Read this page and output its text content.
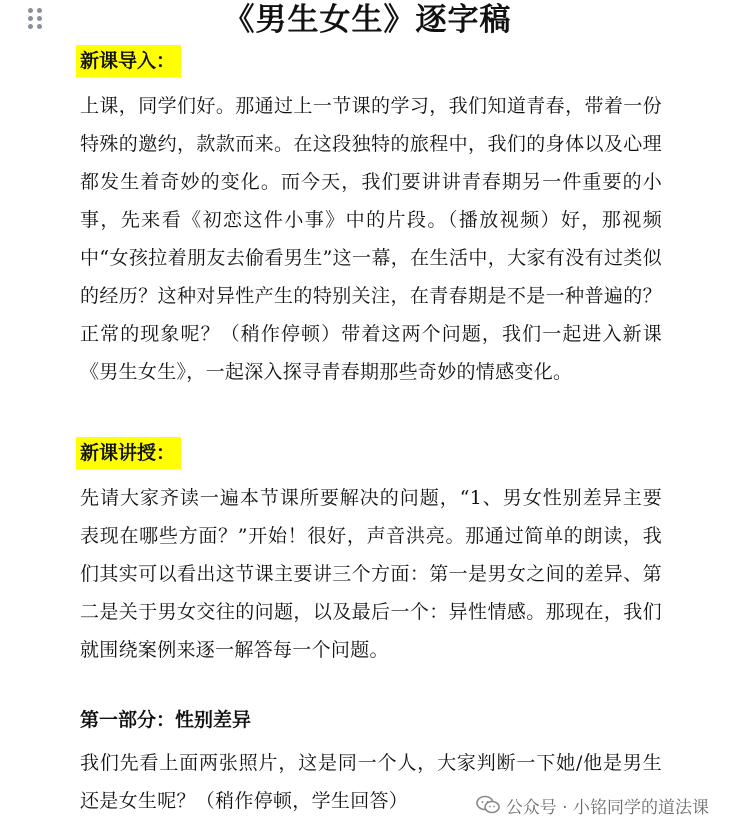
《男生女生》逐字稿
新课导入：

上课，同学们好。那通过上一节课的学习，我们知道青春，带着一份特殊的邀约，款款而来。在这段独特的旅程中，我们的身体以及心理都发生着奇妙的变化。而今天，我们要讲讲青春期另一件重要的小事，先来看《初恋这件小事》中的片段。（播放视频）好，那视频中“女孩拉着朋友去偷看男生”这一幕，在生活中，大家有没有过类似的经历？这种对异性产生的特别关注，在青春期是不是一种普遍的？正常的现象呢？（稍作停顿）带着这两个问题，我们一起进入新课《男生女生》，一起深入探寻青春期那些奇妙的情感变化。

新课讲授：

先请大家齐读一遍本节课所要解决的问题，“1、男女性别差异主要表现在哪些方面？”开始！很好，声音洪亮。那通过简单的朗读，我们其实可以看出这节课主要讲三个方面：第一是男女之间的差异、第二是关于男女交往的问题，以及最后一个：异性情感。那现在，我们就围绕案例来逐一解答每一个问题。

第一部分：性别差异

我们先看上面两张照片，这是同一个人，大家判断一下她/他是男生还是女生呢？（稍作停顿，学生回答）	公众号 · 小铭同学的道法课
